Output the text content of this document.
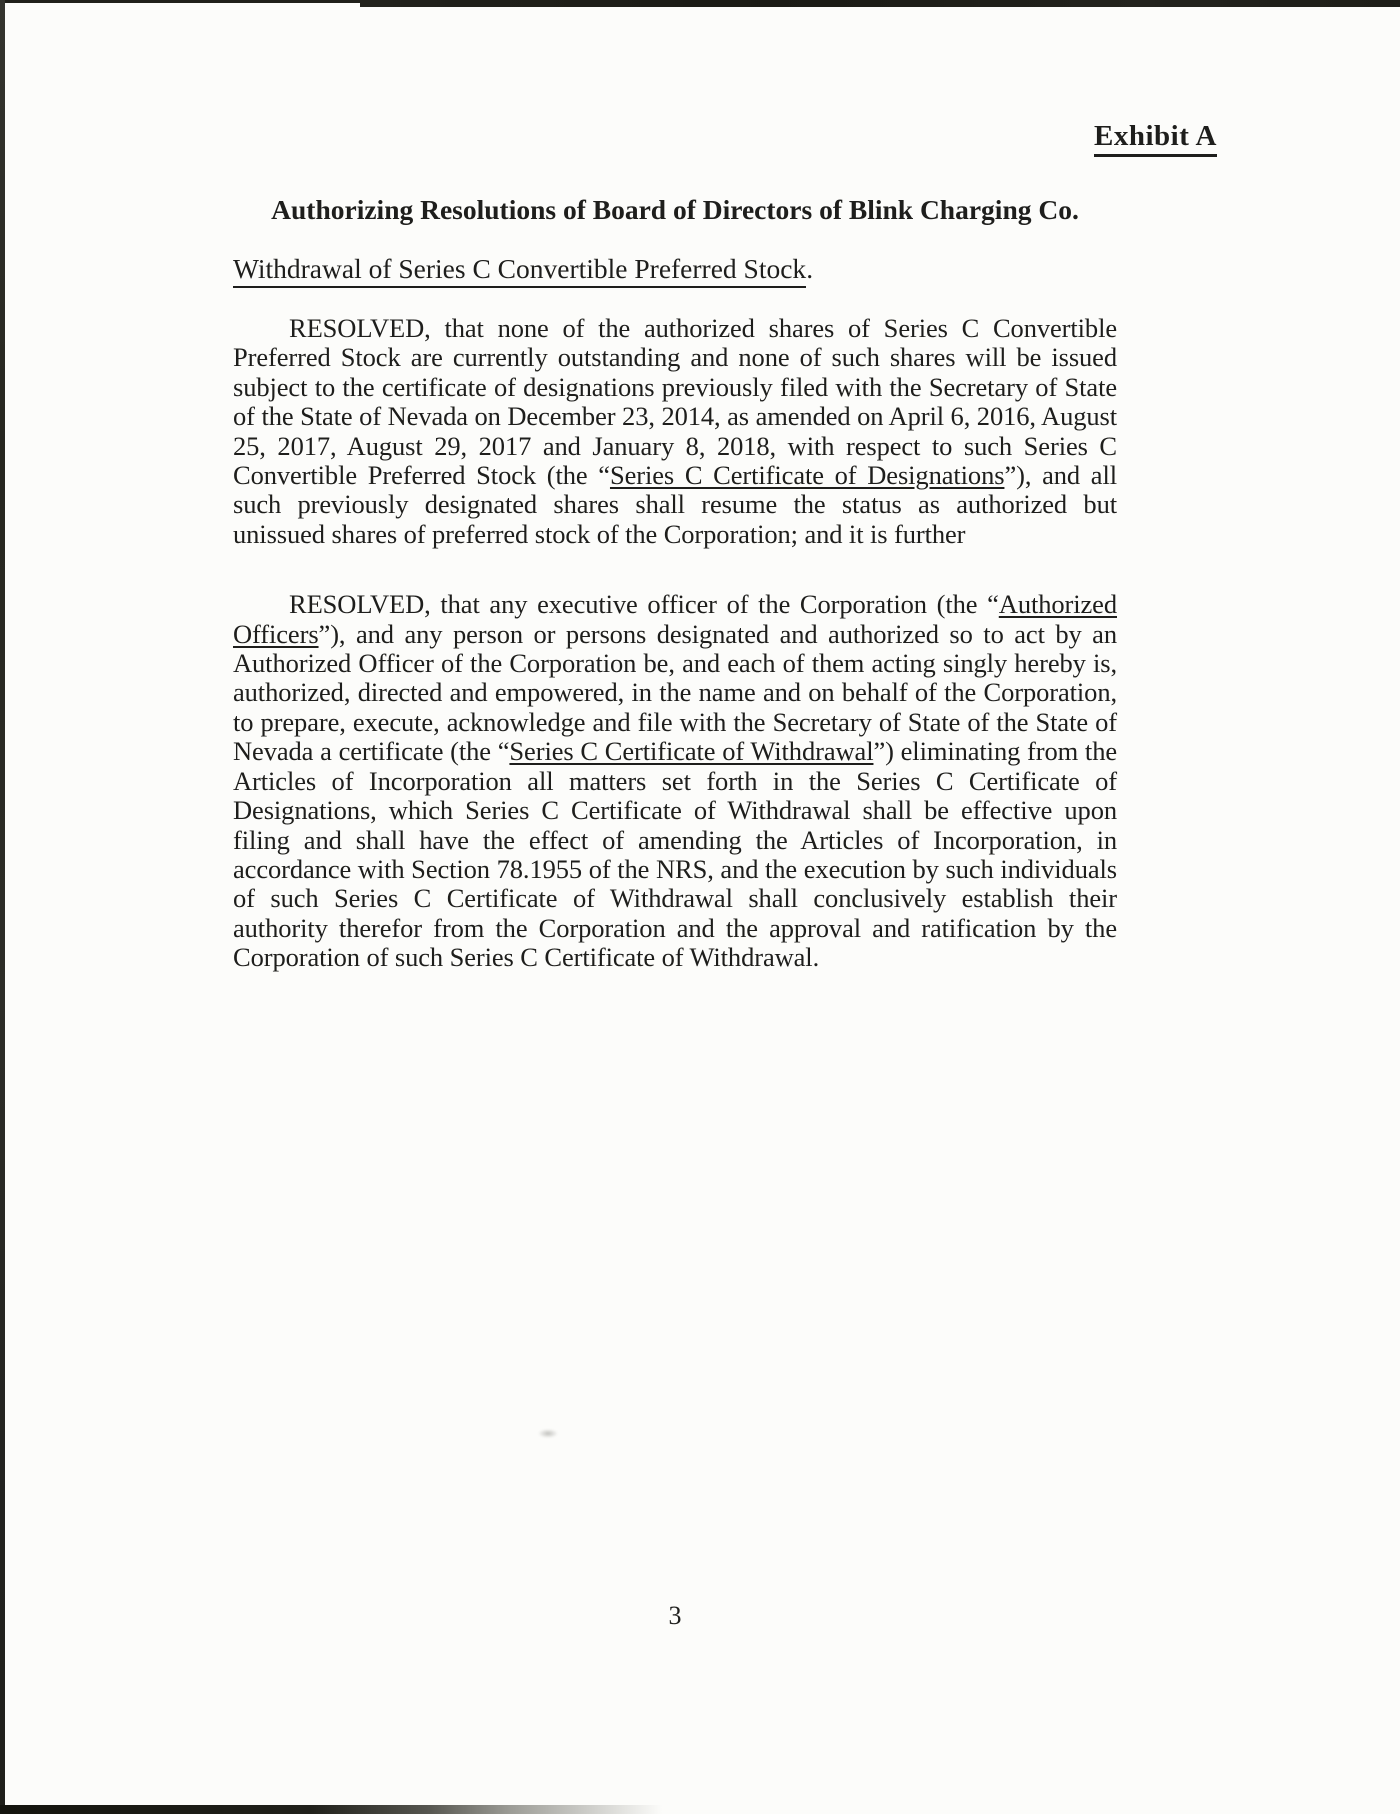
Exhibit A
Authorizing Resolutions of Board of Directors of Blink Charging Co.
Withdrawal of Series C Convertible Preferred Stock.

RESOLVED, that none of the authorized shares of Series C Convertible Preferred Stock are currently outstanding and none of such shares will be issued subject to the certificate of designations previously filed with the Secretary of State of the State of Nevada on December 23, 2014, as amended on April 6, 2016, August 25, 2017, August 29, 2017 and January 8, 2018, with respect to such Series C Convertible Preferred Stock (the “Series C Certificate of Designations”), and all such previously designated shares shall resume the status as authorized but unissued shares of preferred stock of the Corporation; and it is further

RESOLVED, that any executive officer of the Corporation (the “Authorized Officers”), and any person or persons designated and authorized so to act by an Authorized Officer of the Corporation be, and each of them acting singly hereby is, authorized, directed and empowered, in the name and on behalf of the Corporation, to prepare, execute, acknowledge and file with the Secretary of State of the State of Nevada a certificate (the “Series C Certificate of Withdrawal”) eliminating from the Articles of Incorporation all matters set forth in the Series C Certificate of Designations, which Series C Certificate of Withdrawal shall be effective upon filing and shall have the effect of amending the Articles of Incorporation, in accordance with Section 78.1955 of the NRS, and the execution by such individuals of such Series C Certificate of Withdrawal shall conclusively establish their authority therefor from the Corporation and the approval and ratification by the Corporation of such Series C Certificate of Withdrawal.

3
